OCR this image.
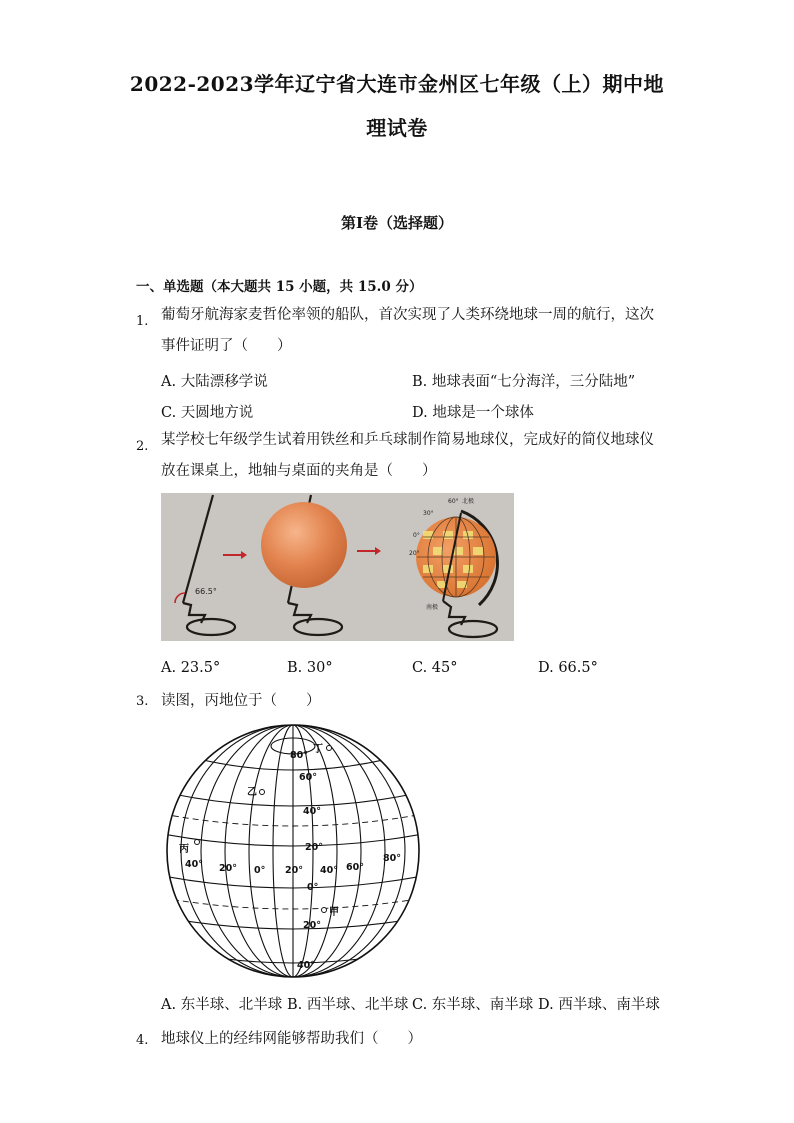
2022-2023学年辽宁省大连市金州区七年级（上）期中地
理试卷
第I卷（选择题）
一、单选题（本大题共 15 小题，共 15.0 分）
1. 葡萄牙航海家麦哲伦率领的船队，首次实现了人类环绕地球一周的航行，这次事件证明了（　　）
A. 大陆漂移学说	B. 地球表面“七分海洋，三分陆地”
C. 天圆地方说	D. 地球是一个球体
2. 某学校七年级学生试着用铁丝和乒乓球制作简易地球仪，完成好的简仪地球仪放在课桌上，地轴与桌面的夹角是（　　）
66.5°
60° 北极
30°
0°
20°
南极
A. 23.5°	B. 30°	C. 45°	D. 66.5°
3. 读图，丙地位于（　　）
丁
乙
丙
甲
80°
60°
40°
20°
0°
20°
40°
40° 20° 0° 20° 40° 60°
80°
A. 东半球、北半球 B. 西半球、北半球 C. 东半球、南半球 D. 西半球、南半球
4. 地球仪上的经纬网能够帮助我们（　　）
